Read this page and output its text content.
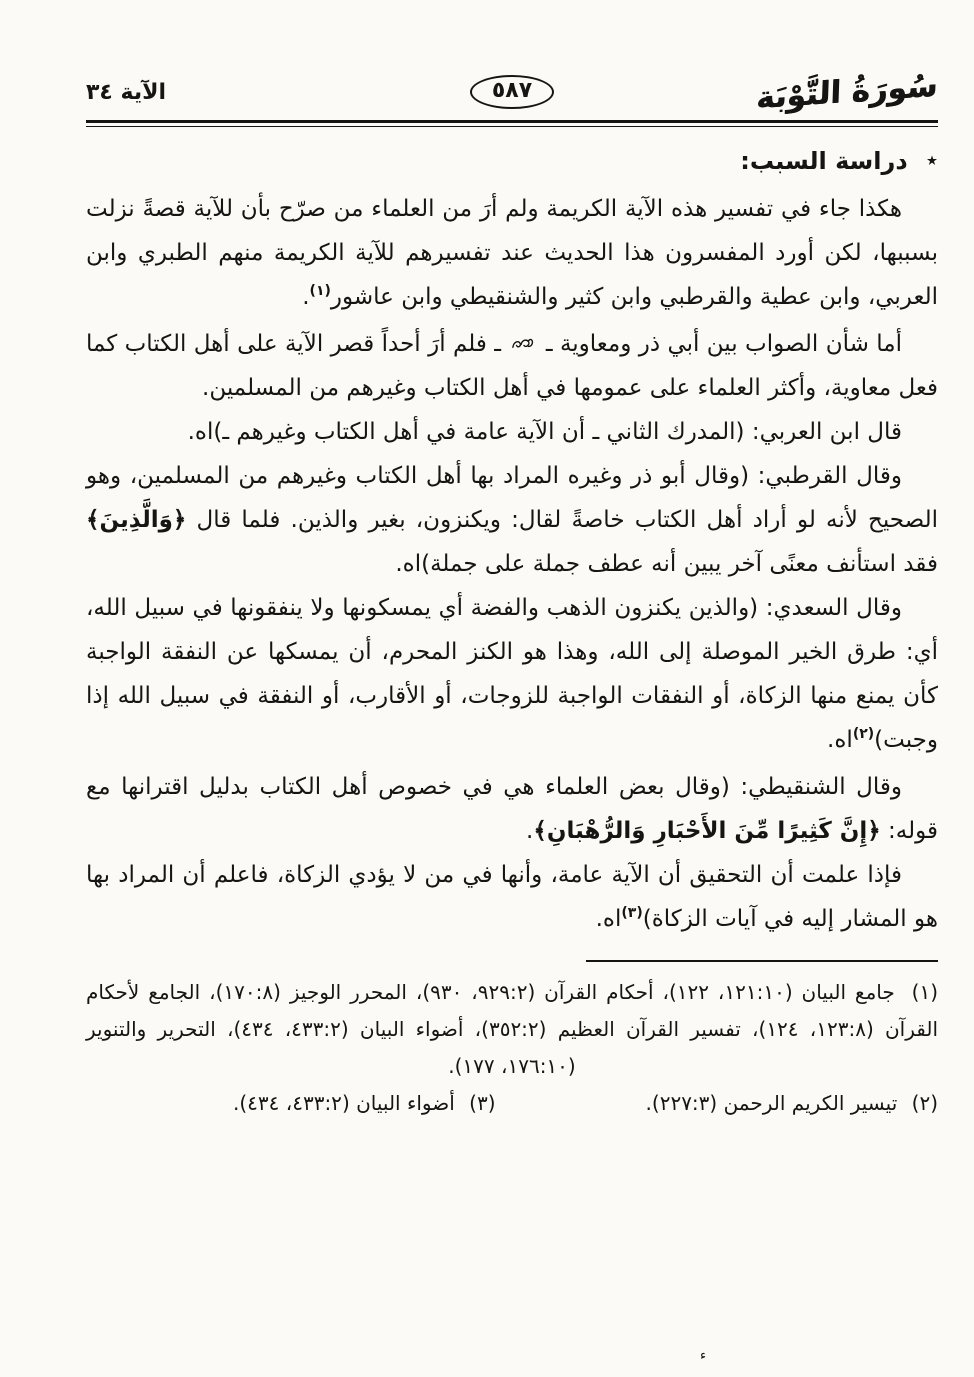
سُورَةُ التَّوْبَة
٥٨٧
الآية ٣٤
٭ دراسة السبب:

هكذا جاء في تفسير هذه الآية الكريمة ولم أرَ من العلماء من صرّح بأن للآية قصةً نزلت بسببها، لكن أورد المفسرون هذا الحديث عند تفسيرهم للآية الكريمة منهم الطبري وابن العربي، وابن عطية والقرطبي وابن كثير والشنقيطي وابن عاشور$^{(١)}$.

أما شأن الصواب بين أبي ذر ومعاوية ـ  ـ فلم أرَ أحداً قصر الآية على أهل الكتاب كما فعل معاوية، وأكثر العلماء على عمومها في أهل الكتاب وغيرهم من المسلمين.

قال ابن العربي: (المدرك الثاني ـ أن الآية عامة في أهل الكتاب وغيرهم ـ)اه.

وقال القرطبي: (وقال أبو ذر وغيره المراد بها أهل الكتاب وغيرهم من المسلمين، وهو الصحيح لأنه لو أراد أهل الكتاب خاصةً لقال: ويكنزون، بغير والذين. فلما قال ﴿وَالَّذِينَ﴾ فقد استأنف معنًى آخر يبين أنه عطف جملة على جملة)اه.

وقال السعدي: (والذين يكنزون الذهب والفضة أي يمسكونها ولا ينفقونها في سبيل الله، أي: طرق الخير الموصلة إلى الله، وهذا هو الكنز المحرم، أن يمسكها عن النفقة الواجبة كأن يمنع منها الزكاة، أو النفقات الواجبة للزوجات، أو الأقارب، أو النفقة في سبيل الله إذا وجبت)$^{(٢)}$اه.

وقال الشنقيطي: (وقال بعض العلماء هي في خصوص أهل الكتاب بدليل اقترانها مع قوله: ﴿إِنَّ كَثِيرًا مِّنَ الأَحْبَارِ وَالرُّهْبَانِ﴾.

فإذا علمت أن التحقيق أن الآية عامة، وأنها في من لا يؤدي الزكاة، فاعلم أن المراد بها هو المشار إليه في آيات الزكاة)$^{(٣)}$اه.

(١) جامع البيان (١٢١:١٠، ١٢٢)، أحكام القرآن (٩٢٩:٢، ٩٣٠)، المحرر الوجيز (١٧٠:٨)، الجامع لأحكام القرآن (١٢٣:٨، ١٢٤)، تفسير القرآن العظيم (٣٥٢:٢)، أضواء البيان (٤٣٣:٢، ٤٣٤)، التحرير والتنوير (١٧٦:١٠، ١٧٧).

(٢) تيسير الكريم الرحمن (٢٢٧:٣).

(٣) أضواء البيان (٤٣٣:٢، ٤٣٤).

ء
